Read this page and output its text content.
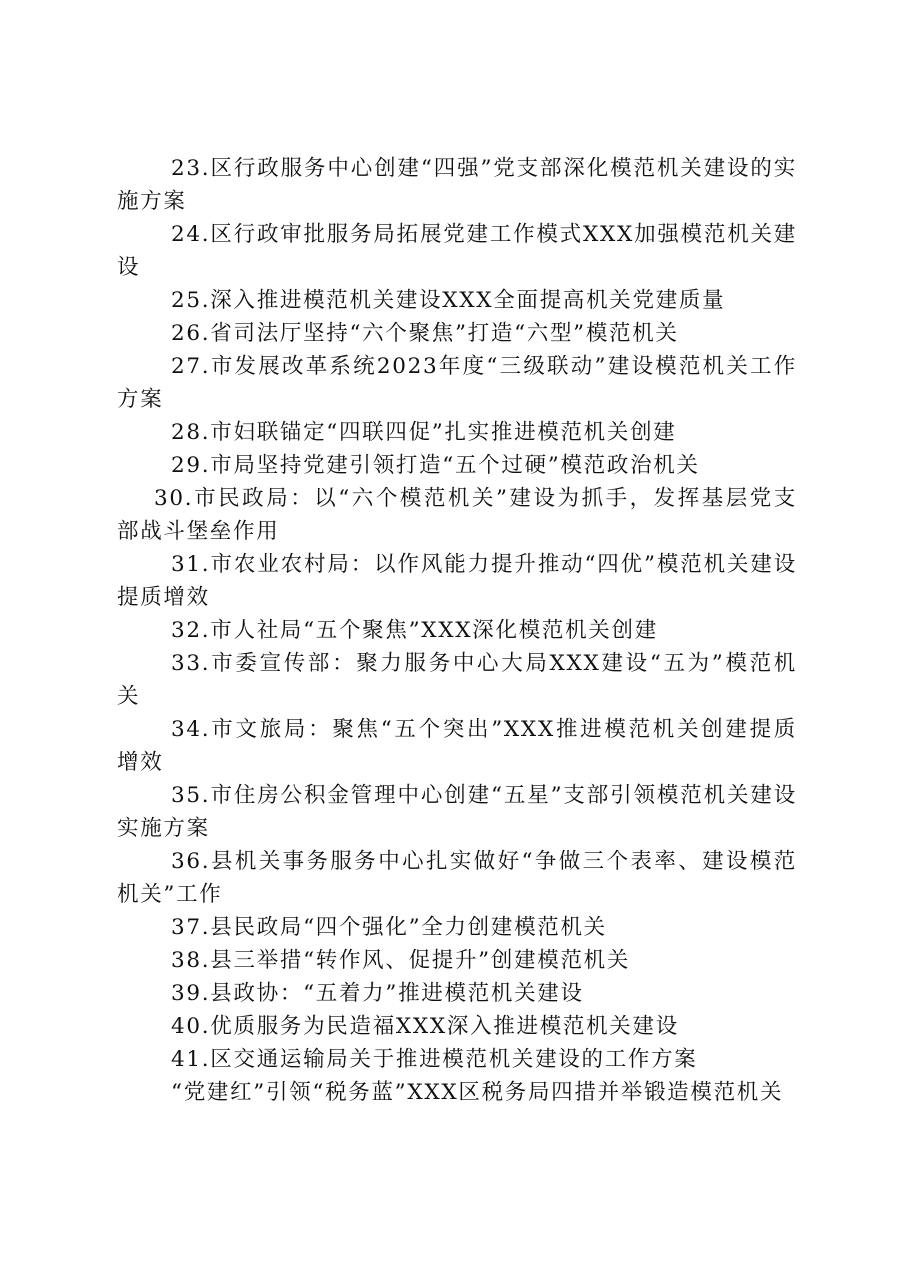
23.区行政服务中心创建“四强”党支部深化模范机关建设的实施方案

24.区行政审批服务局拓展党建工作模式XXX加强模范机关建设

25.深入推进模范机关建设XXX全面提高机关党建质量

26.省司法厅坚持“六个聚焦”打造“六型”模范机关

27.市发展改革系统2023年度“三级联动”建设模范机关工作方案

28.市妇联锚定“四联四促”扎实推进模范机关创建

29.市局坚持党建引领打造“五个过硬”模范政治机关

30.市民政局：以“六个模范机关”建设为抓手，发挥基层党支部战斗堡垒作用

31.市农业农村局：以作风能力提升推动“四优”模范机关建设提质增效

32.市人社局“五个聚焦”XXX深化模范机关创建

33.市委宣传部：聚力服务中心大局XXX建设“五为”模范机关

34.市文旅局：聚焦“五个突出”XXX推进模范机关创建提质增效

35.市住房公积金管理中心创建“五星”支部引领模范机关建设实施方案

36.县机关事务服务中心扎实做好“争做三个表率、建设模范机关”工作

37.县民政局“四个强化”全力创建模范机关

38.县三举措“转作风、促提升”创建模范机关

39.县政协：“五着力”推进模范机关建设

40.优质服务为民造福XXX深入推进模范机关建设

41.区交通运输局关于推进模范机关建设的工作方案

“党建红”引领“税务蓝”XXX区税务局四措并举锻造模范机关
